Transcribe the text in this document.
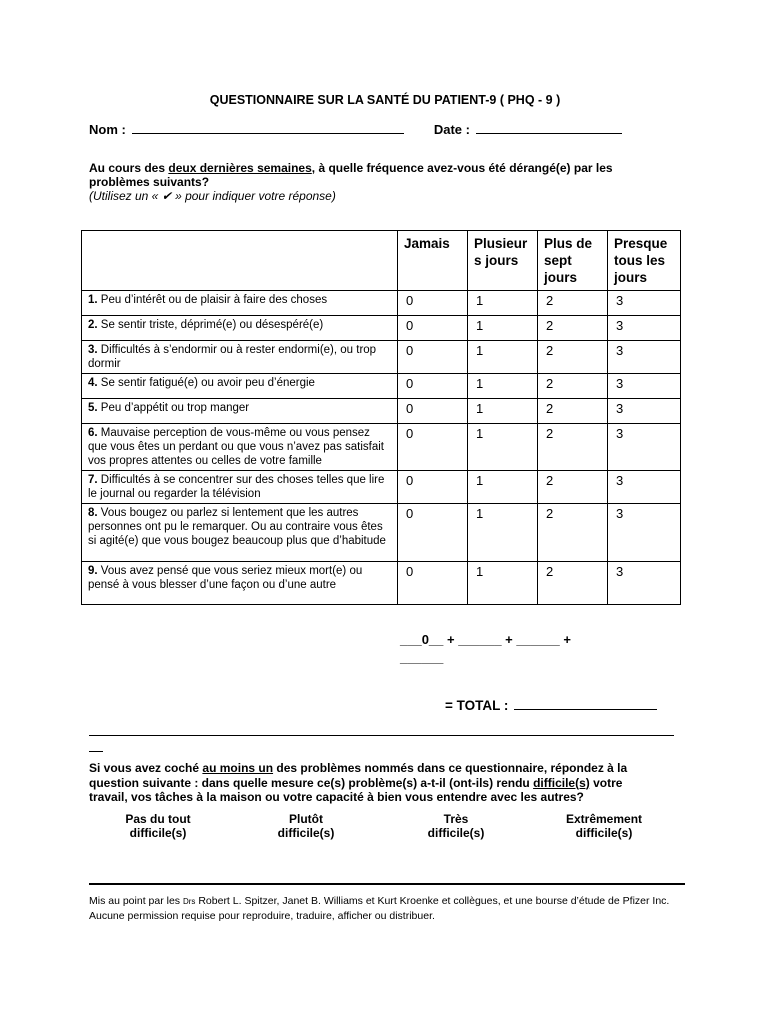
QUESTIONNAIRE SUR LA SANTÉ DU PATIENT-9 ( PHQ - 9 )
Nom :	Date :
Au cours des deux dernières semaines, à quelle fréquence avez-vous été dérangé(e) par les problèmes suivants?
(Utilisez un « ✔ » pour indiquer votre réponse)
	Jamais	Plusieur s jours	Plus de sept jours	Presque tous les jours
1. Peu d’intérêt ou de plaisir à faire des choses	0	1	2	3
2. Se sentir triste, déprimé(e) ou désespéré(e)	0	1	2	3
3. Difficultés à s’endormir ou à rester endormi(e), ou trop dormir	0	1	2	3
4. Se sentir fatigué(e) ou avoir peu d’énergie	0	1	2	3
5. Peu d’appétit ou trop manger	0	1	2	3
6. Mauvaise perception de vous-même ou vous pensez que vous êtes un perdant ou que vous n’avez pas satisfait vos propres attentes ou celles de votre famille	0	1	2	3
7. Difficultés à se concentrer sur des choses telles que lire le journal ou regarder la télévision	0	1	2	3
8. Vous bougez ou parlez si lentement que les autres personnes ont pu le remarquer. Ou au contraire vous êtes si agité(e) que vous bougez beaucoup plus que d’habitude	0	1	2	3
9. Vous avez pensé que vous seriez mieux mort(e) ou pensé à vous blesser d’une façon ou d’une autre	0	1	2	3
___0__ + ______ + ______ +
______
= TOTAL :
Si vous avez coché au moins un des problèmes nommés dans ce questionnaire, répondez à la question suivante : dans quelle mesure ce(s) problème(s) a-t-il (ont-ils) rendu difficile(s) votre travail, vos tâches à la maison ou votre capacité à bien vous entendre avec les autres?
Pas du tout
difficile(s)
Plutôt
difficile(s)
Très
difficile(s)
Extrêmement
difficile(s)
Mis au point par les Drs Robert L. Spitzer, Janet B. Williams et Kurt Kroenke et collègues, et une bourse d’étude de Pfizer Inc. Aucune permission requise pour reproduire, traduire, afficher ou distribuer.
